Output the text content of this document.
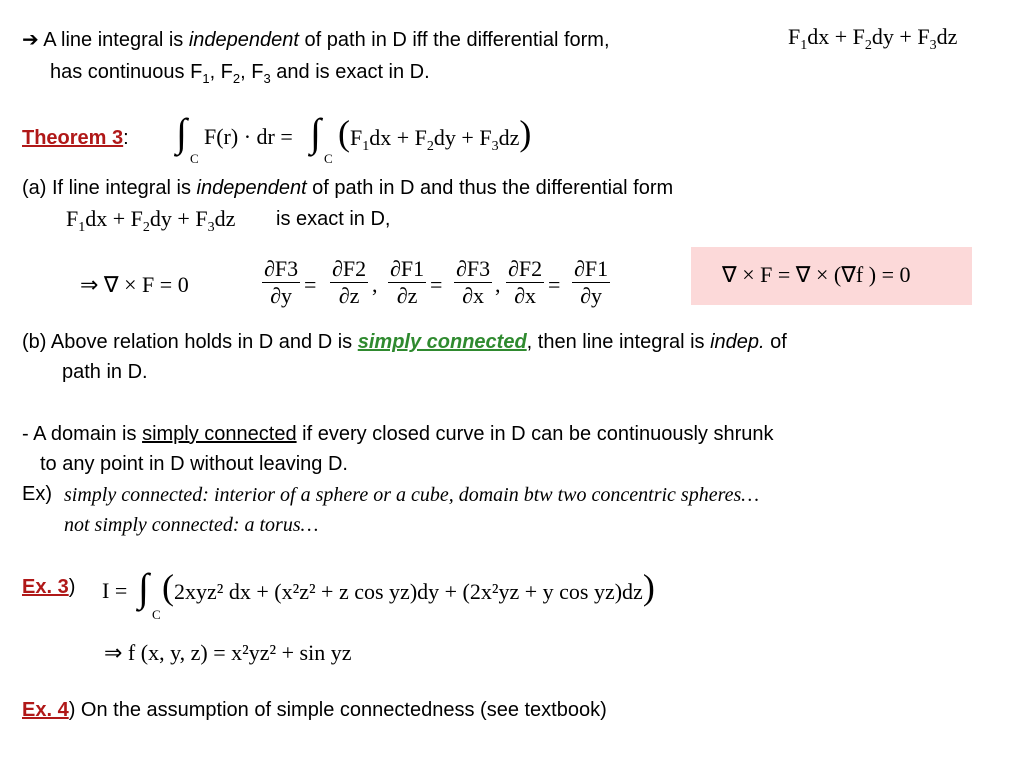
➔ A line integral is independent of path in D iff the differential form,	$F_1dx + F_2dy + F_3dz$
has continuous $F_1$, $F_2$, $F_3$ and is exact in D.
Theorem 3: ∫
C
F(r) · dr = ∫
C
$(F_1dx + F_2dy + F_3dz)$
(a) If line integral is independent of path in D and thus the differential form
$F_1dx + F_2dy + F_3dz$ is exact in D,
⇒ ∇ × F = 0	$\frac{\partial F3}{\partial y} = \frac{\partial F2}{\partial z}$ , $\frac{\partial F1}{\partial z} = \frac{\partial F3}{\partial x}$ , $\frac{\partial F2}{\partial x} = \frac{\partial F1}{\partial y}$	∇ × F = ∇ × (∇f ) = 0
(b) Above relation holds in D and D is simply connected, then line integral is indep. of
path in D.
- A domain is simply connected if every closed curve in D can be continuously shrunk
to any point in D without leaving D.
Ex) simply connected: interior of a sphere or a cube, domain btw two concentric spheres…
not simply connected: a torus…
Ex. 3) I = ∫
C
(2xyz² dx + (x²z² + z cos yz)dy + (2x²yz + y cos yz)dz)
⇒ f (x, y, z) = x²yz² + sin yz
Ex. 4) On the assumption of simple connectedness (see textbook)
